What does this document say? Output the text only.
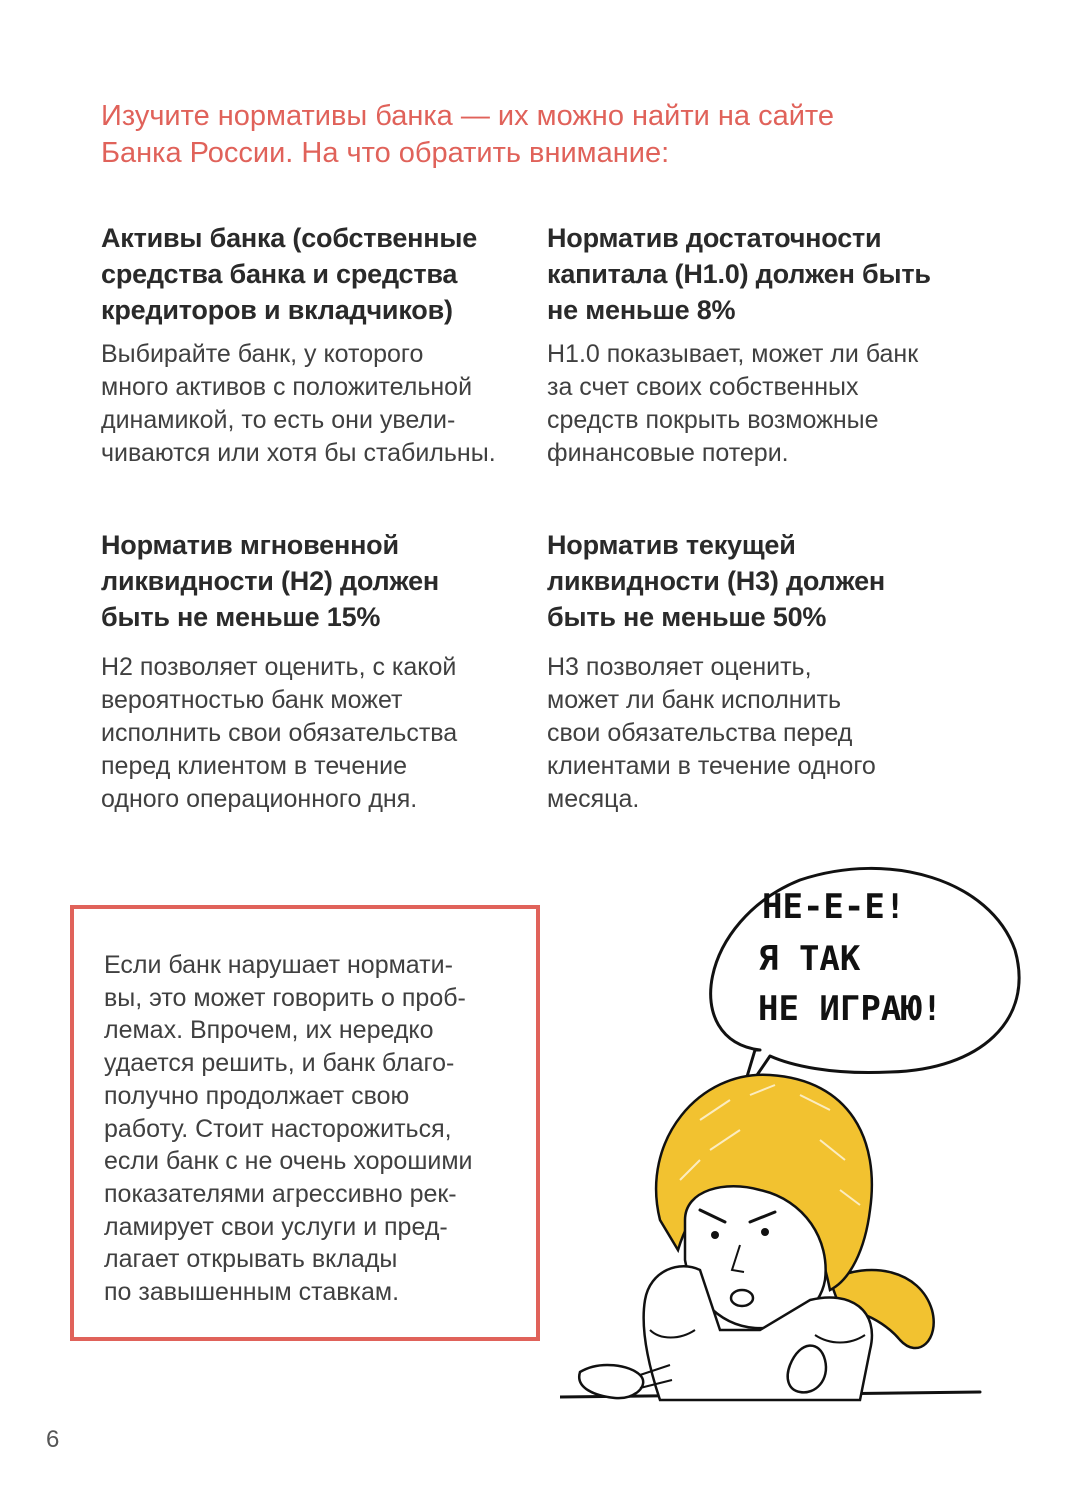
Изучите нормативы банка — их можно найти на сайте
Банка России. На что обратить внимание:
Активы банка (собственные
средства банка и средства
кредиторов и вкладчиков)

Выбирайте банк, у которого
много активов с положительной
динамикой, то есть они увели-
чиваются или хотя бы стабильны.

Норматив достаточности
капитала (Н1.0) должен быть
не меньше 8%

Н1.0 показывает, может ли банк
за счет своих собственных
средств покрыть возможные
финансовые потери.

Норматив мгновенной
ликвидности (Н2) должен
быть не меньше 15%

Н2 позволяет оценить, с какой
вероятностью банк может
исполнить свои обязательства
перед клиентом в течение
одного операционного дня.

Норматив текущей
ликвидности (Н3) должен
быть не меньше 50%

Н3 позволяет оценить,
может ли банк исполнить
свои обязательства перед
клиентами в течение одного
месяца.

Если банк нарушает нормати-
вы, это может говорить о проб-
лемах. Впрочем, их нередко
удается решить, и банк благо-
получно продолжает свою
работу. Стоит насторожиться,
если банк с не очень хорошими
показателями агрессивно рек-
ламирует свои услуги и пред-
лагает открывать вклады
по завышенным ставкам.

НЕ-Е-Е!
Я ТАК
НЕ ИГРАЮ!
6
